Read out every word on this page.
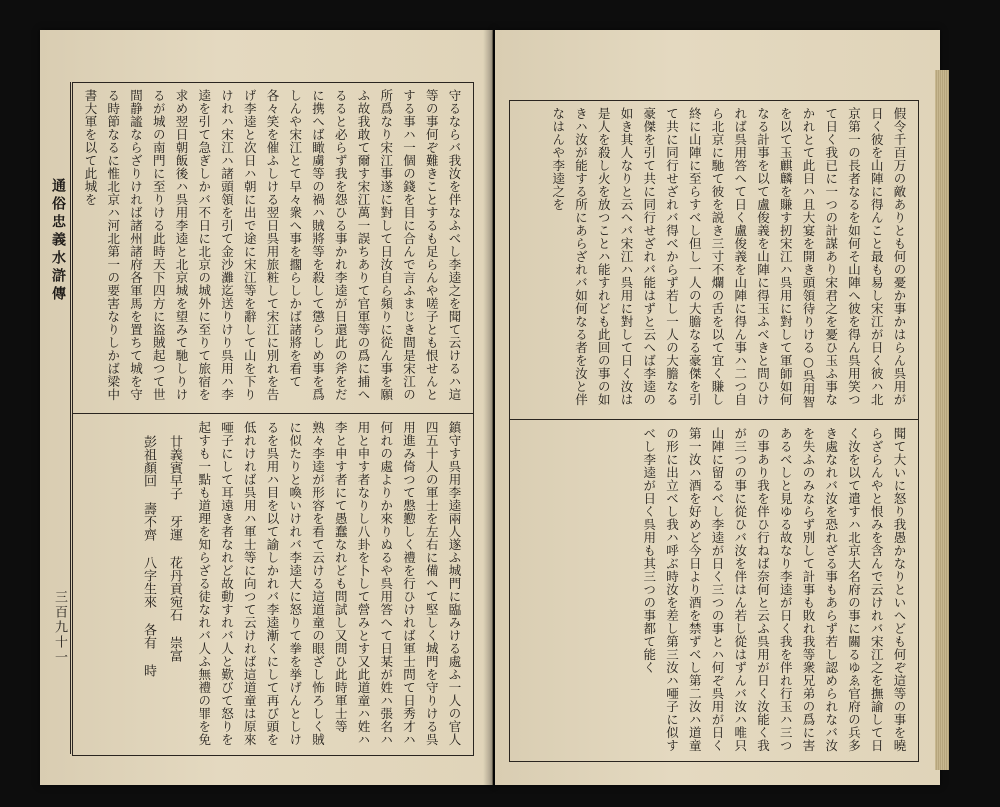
通俗忠義水滸傳
三百九十一
守るならバ我汝を伴なふべし李逵之を聞て云けるハ這等の事何ぞ難きことするも足らんや嗟子とも恨せんとする事ハ一個の錢を目に合んで言ふまじき間是宋江の所爲なり宋江事遂に對して日汝自ら頻りに從ん事を願ふ故我敢て爾す宋江萬一誤ちありて官軍等の爲に捕へるると必らず我を怨ひる事かれ李逵が日還此の斧をだに携へば瞰虜等の禍ハ賊將等を殺して懲らしめ事を爲しんや宋江とて早々衆へ事を擱らしかば諸將を看て各々笑を催ふしける翌日呉用旅粧して宋江に別れを告げ李逵と次日ハ朝に出で途に宋江等を辭して山を下りけれハ宋江ハ諸頭領を引て金沙灘迄送りけり呉用ハ李逵を引て急ぎしかバ不日に北京の城外に至りて旅宿を求め翌日朝飯後ハ呉用李逵と北京城を望みて馳しりけるが城の南門に至りける此時天下四方に盗賊起つて世間静謐ならざりければ諸州諸府各軍馬を置ちて城を守る時節なるに惟北京ハ河北第一の要害なりしかば梁中書大軍を以て此城を
鎮守す呉用李逵兩人遂ふ城門に臨みける處ふ一人の官人四五十人の軍士を左右に備へて堅しく城門を守りける呉用進み倚つて慇懃しく禮を行ひければ軍士問て日秀才ハ何れの處よりか來りぬるや呉用答へて日某が姓ハ張名ハ用と申す者なりし八卦を卜して營みとす又此道童ハ姓ハ李と申す者にて愚蠢なれども問試し又問ひ此時軍士等熟々李逵が形容を看て云ける這道童の眼ざし怖ろしく賊に似たりと喚いけれバ李逵大に怒りて拳を挙げんとしけるを呉用ハ目を以て諭しかれバ李逵漸くにして再び頭を低れければ呉用ハ軍士等に向つて云ければ這道童は原來唖子にして耳遠き者なれど故動すれバ人と歎びて怒りを起すも一點も道理を知らざる徒なれバ人ふ無禮の罪を免
廿義賓早子 牙運 花丹貢宛石 崇富 彭祖顏回 壽不齊 八字生來 各有 時
假令千百万の敵ありとも何の憂か事かはらん呉用が日く彼を山陣に得んこと最も易し宋江が日く彼ハ北京第一の長者なるを如何そ山陣へ彼を得ん呉用笑つて日く我已に一つの計謀あり宋君之を憂ひ玉ふ事なかれとて此日ハ且大宴を開き頭領待りける○呉用智を以て玉麒麟を賺す扨宋江ハ呉用に對して軍師如何なる計事を以て盧俊義を山陣に得玉ふべきと問ひければ呉用答へて日く盧俊義を山陣に得ん事ハ二つ自ら北京に馳て彼を説き三寸不爛の舌を以て宜く賺し終に山陣に至らすべし但し一人の大膽なる豪傑を引て共に同行せざれバ得べからず若し一人の大膽なる豪傑を引て共に同行せざれバ能はずと云へば李逵の如き其人なりと云へバ宋江ハ呉用に對して日く汝は是人を殺し火を放つことハ能すれども此回の事の如きハ汝が能する所にあらざれバ如何なる者を汝と伴なはんや李逵之を
聞て大いに怒り我愚かなりといへども何ぞ這等の事を曉らざらんやと恨みを含んで云けれバ宋江之を撫諭して日く汝を以て遣すハ北京大名府の事に關るゆゑ官府の兵多き處なれバ汝を恐れざる事もあらず若し認められなバ汝を失ふのみならず別して計事も敗れ我等衆兄弟の爲に害あるべしと見ゆる故なり李逵が日く我を伴れ行玉ハ三つの事あり我を伴ひ行ねば奈何と云ふ呉用が日く汝能く我が三つの事に從ひバ汝を伴はん若し從はずんバ汝ハ唯只山陣に留るべし李逵が日く三つの事とハ何ぞ呉用が日く第一汝ハ酒を好めど今日より酒を禁ずべし第二汝ハ道童の形に出立べし我ハ呼ぶ時汝を差し第三汝ハ唖子に似すべし李逵が日く呉用も其三つの事都て能く
